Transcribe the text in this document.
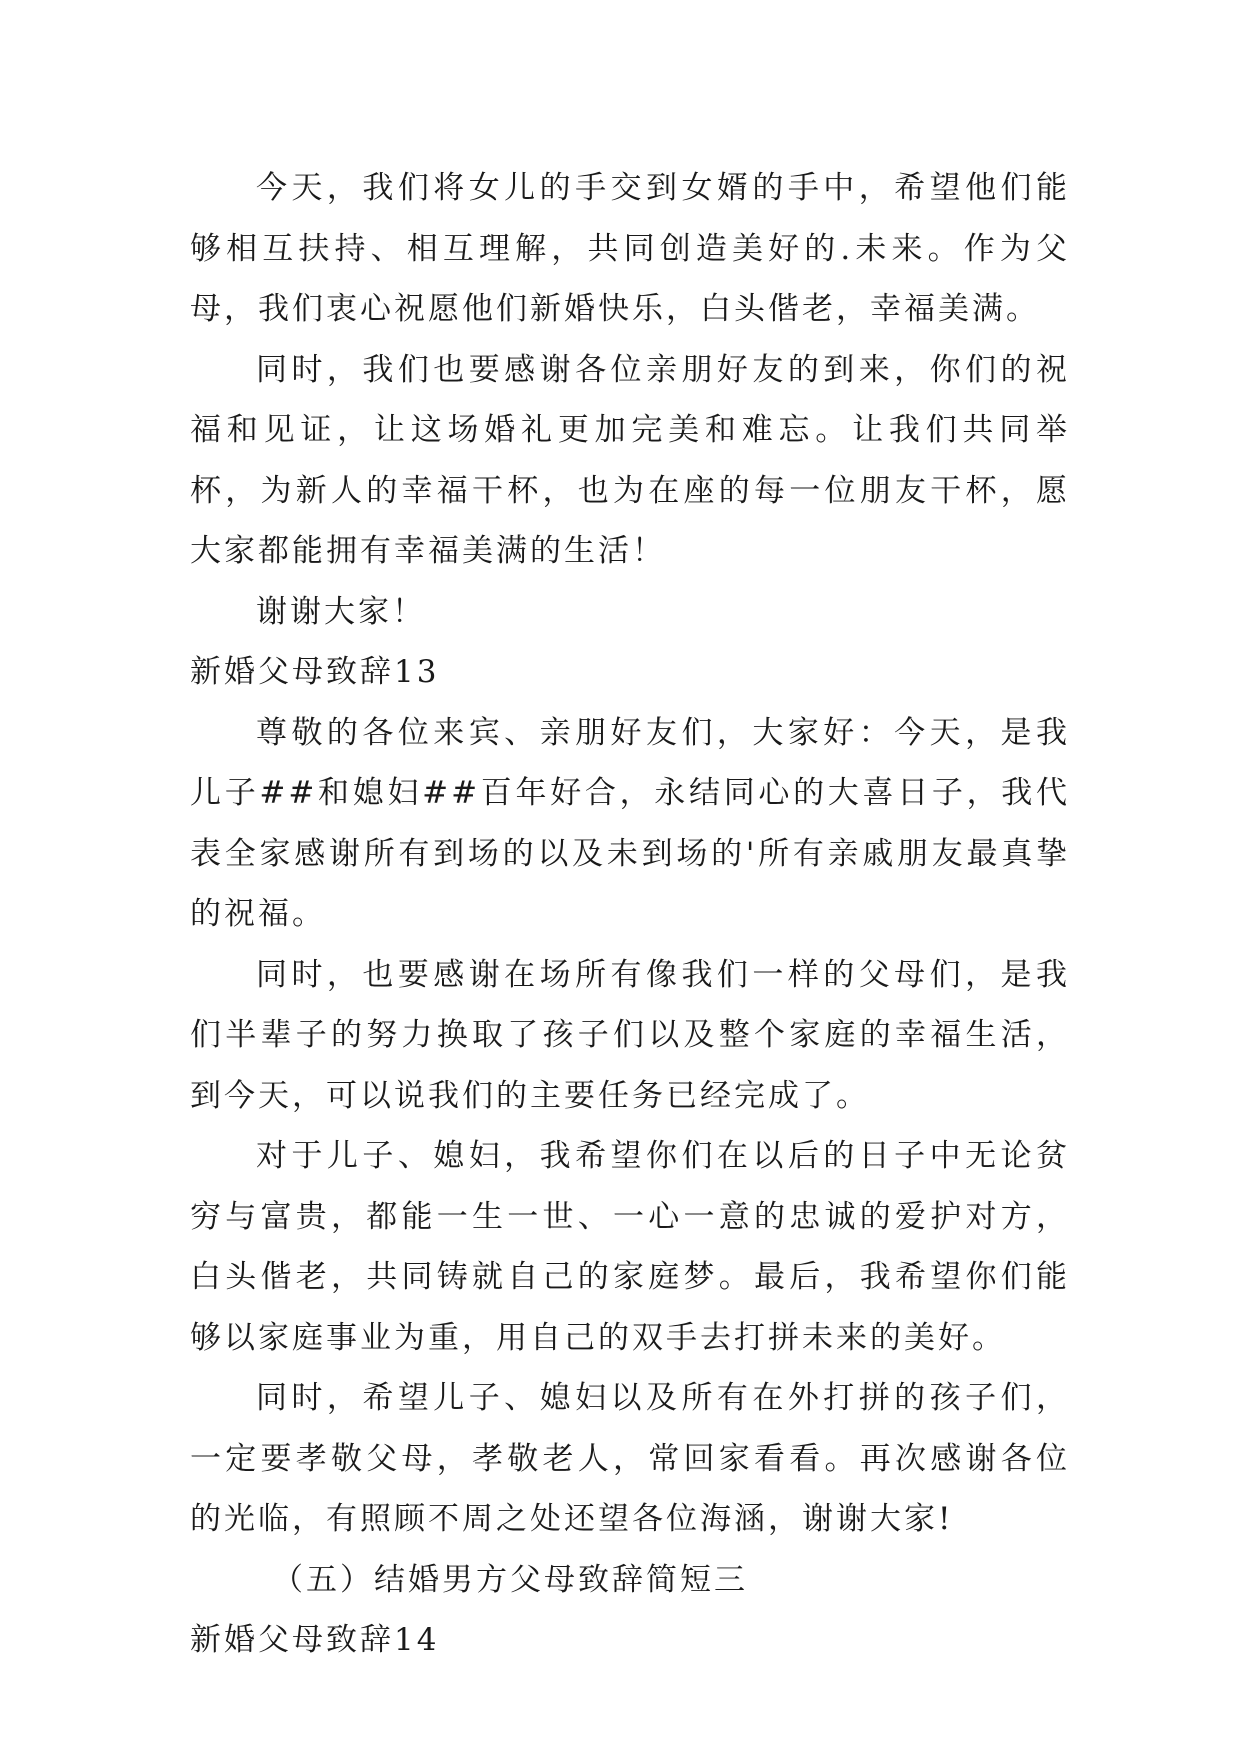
今天，我们将女儿的手交到女婿的手中，希望他们能够相互扶持、相互理解，共同创造美好的.未来。作为父母，我们衷心祝愿他们新婚快乐，白头偕老，幸福美满。

同时，我们也要感谢各位亲朋好友的到来，你们的祝福和见证，让这场婚礼更加完美和难忘。让我们共同举杯，为新人的幸福干杯，也为在座的每一位朋友干杯，愿大家都能拥有幸福美满的生活！

谢谢大家！

新婚父母致辞13

尊敬的各位来宾、亲朋好友们，大家好：今天，是我儿子##和媳妇##百年好合，永结同心的大喜日子，我代表全家感谢所有到场的以及未到场的'所有亲戚朋友最真挚的祝福。

同时，也要感谢在场所有像我们一样的父母们，是我们半辈子的努力换取了孩子们以及整个家庭的幸福生活，到今天，可以说我们的主要任务已经完成了。

对于儿子、媳妇，我希望你们在以后的日子中无论贫穷与富贵，都能一生一世、一心一意的忠诚的爱护对方，白头偕老，共同铸就自己的家庭梦。最后，我希望你们能够以家庭事业为重，用自己的双手去打拼未来的美好。

同时，希望儿子、媳妇以及所有在外打拼的孩子们，一定要孝敬父母，孝敬老人，常回家看看。再次感谢各位的光临，有照顾不周之处还望各位海涵，谢谢大家!

（五）结婚男方父母致辞简短三

新婚父母致辞14
